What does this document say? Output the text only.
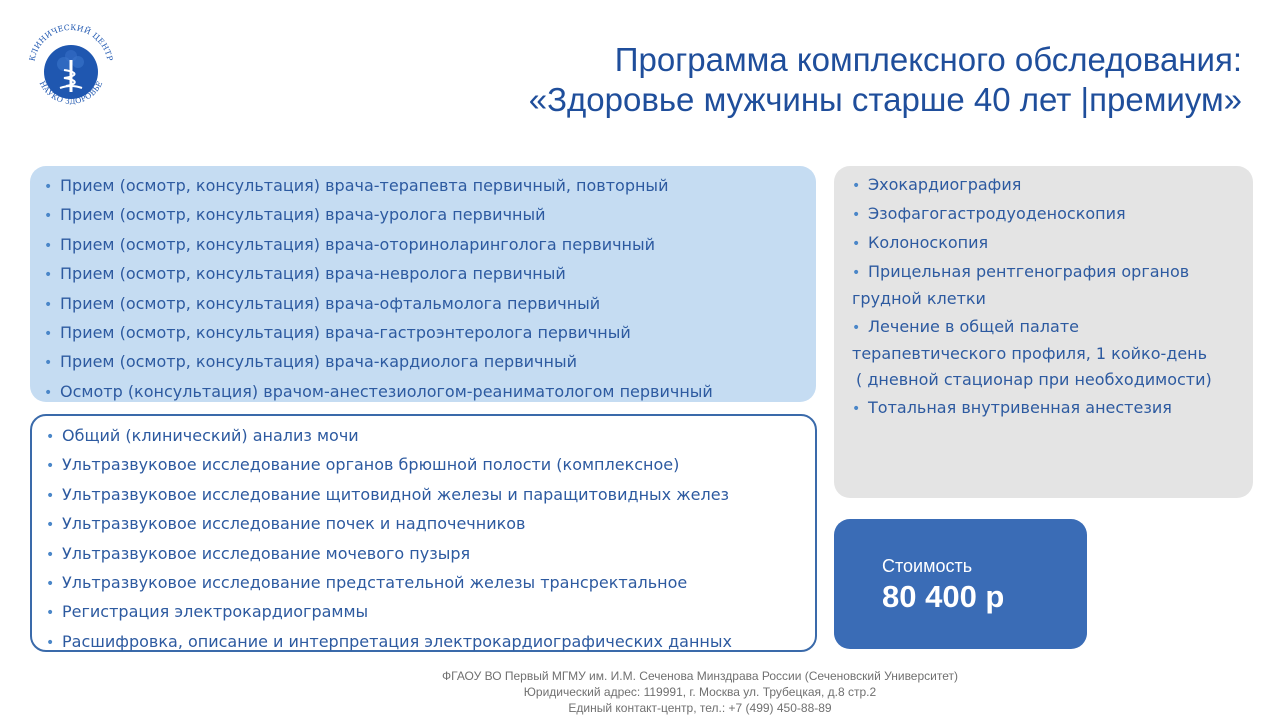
КЛИНИЧЕСКИЙ ЦЕНТР
НАУКО ЗДОРОВЬЕ
Программа комплексного обследования:
«Здоровье мужчины старше 40 лет |премиум»
• Прием (осмотр, консультация) врача-терапевта первичный, повторный
• Прием (осмотр, консультация) врача-уролога первичный
• Прием (осмотр, консультация) врача-оториноларинголога первичный
• Прием (осмотр, консультация) врача-невролога первичный
• Прием (осмотр, консультация) врача-офтальмолога первичный
• Прием (осмотр, консультация) врача-гастроэнтеролога первичный
• Прием (осмотр, консультация) врача-кардиолога первичный
• Осмотр (консультация) врачом-анестезиологом-реаниматологом первичный
• Общий (клинический) анализ мочи
• Ультразвуковое исследование органов брюшной полости (комплексное)
• Ультразвуковое исследование щитовидной железы и паращитовидных желез
• Ультразвуковое исследование почек и надпочечников
• Ультразвуковое исследование мочевого пузыря
• Ультразвуковое исследование предстательной железы трансректальное
• Регистрация электрокардиограммы
• Расшифровка, описание и интерпретация электрокардиографических данных
• Эхокардиография
• Эзофагогастродуоденоскопия
• Колоноскопия
• Прицельная рентгенография органов
грудной клетки
• Лечение в общей палате
терапевтического профиля, 1 койко-день
( дневной стационар при необходимости)
• Тотальная внутривенная анестезия
Стоимость
80 400 р
ФГАОУ ВО Первый МГМУ им. И.М. Сеченова Минздрава России (Сеченовский Университет)
Юридический адрес: 119991, г. Москва ул. Трубецкая, д.8 стр.2
Единый контакт-центр, тел.: +7 (499) 450-88-89
